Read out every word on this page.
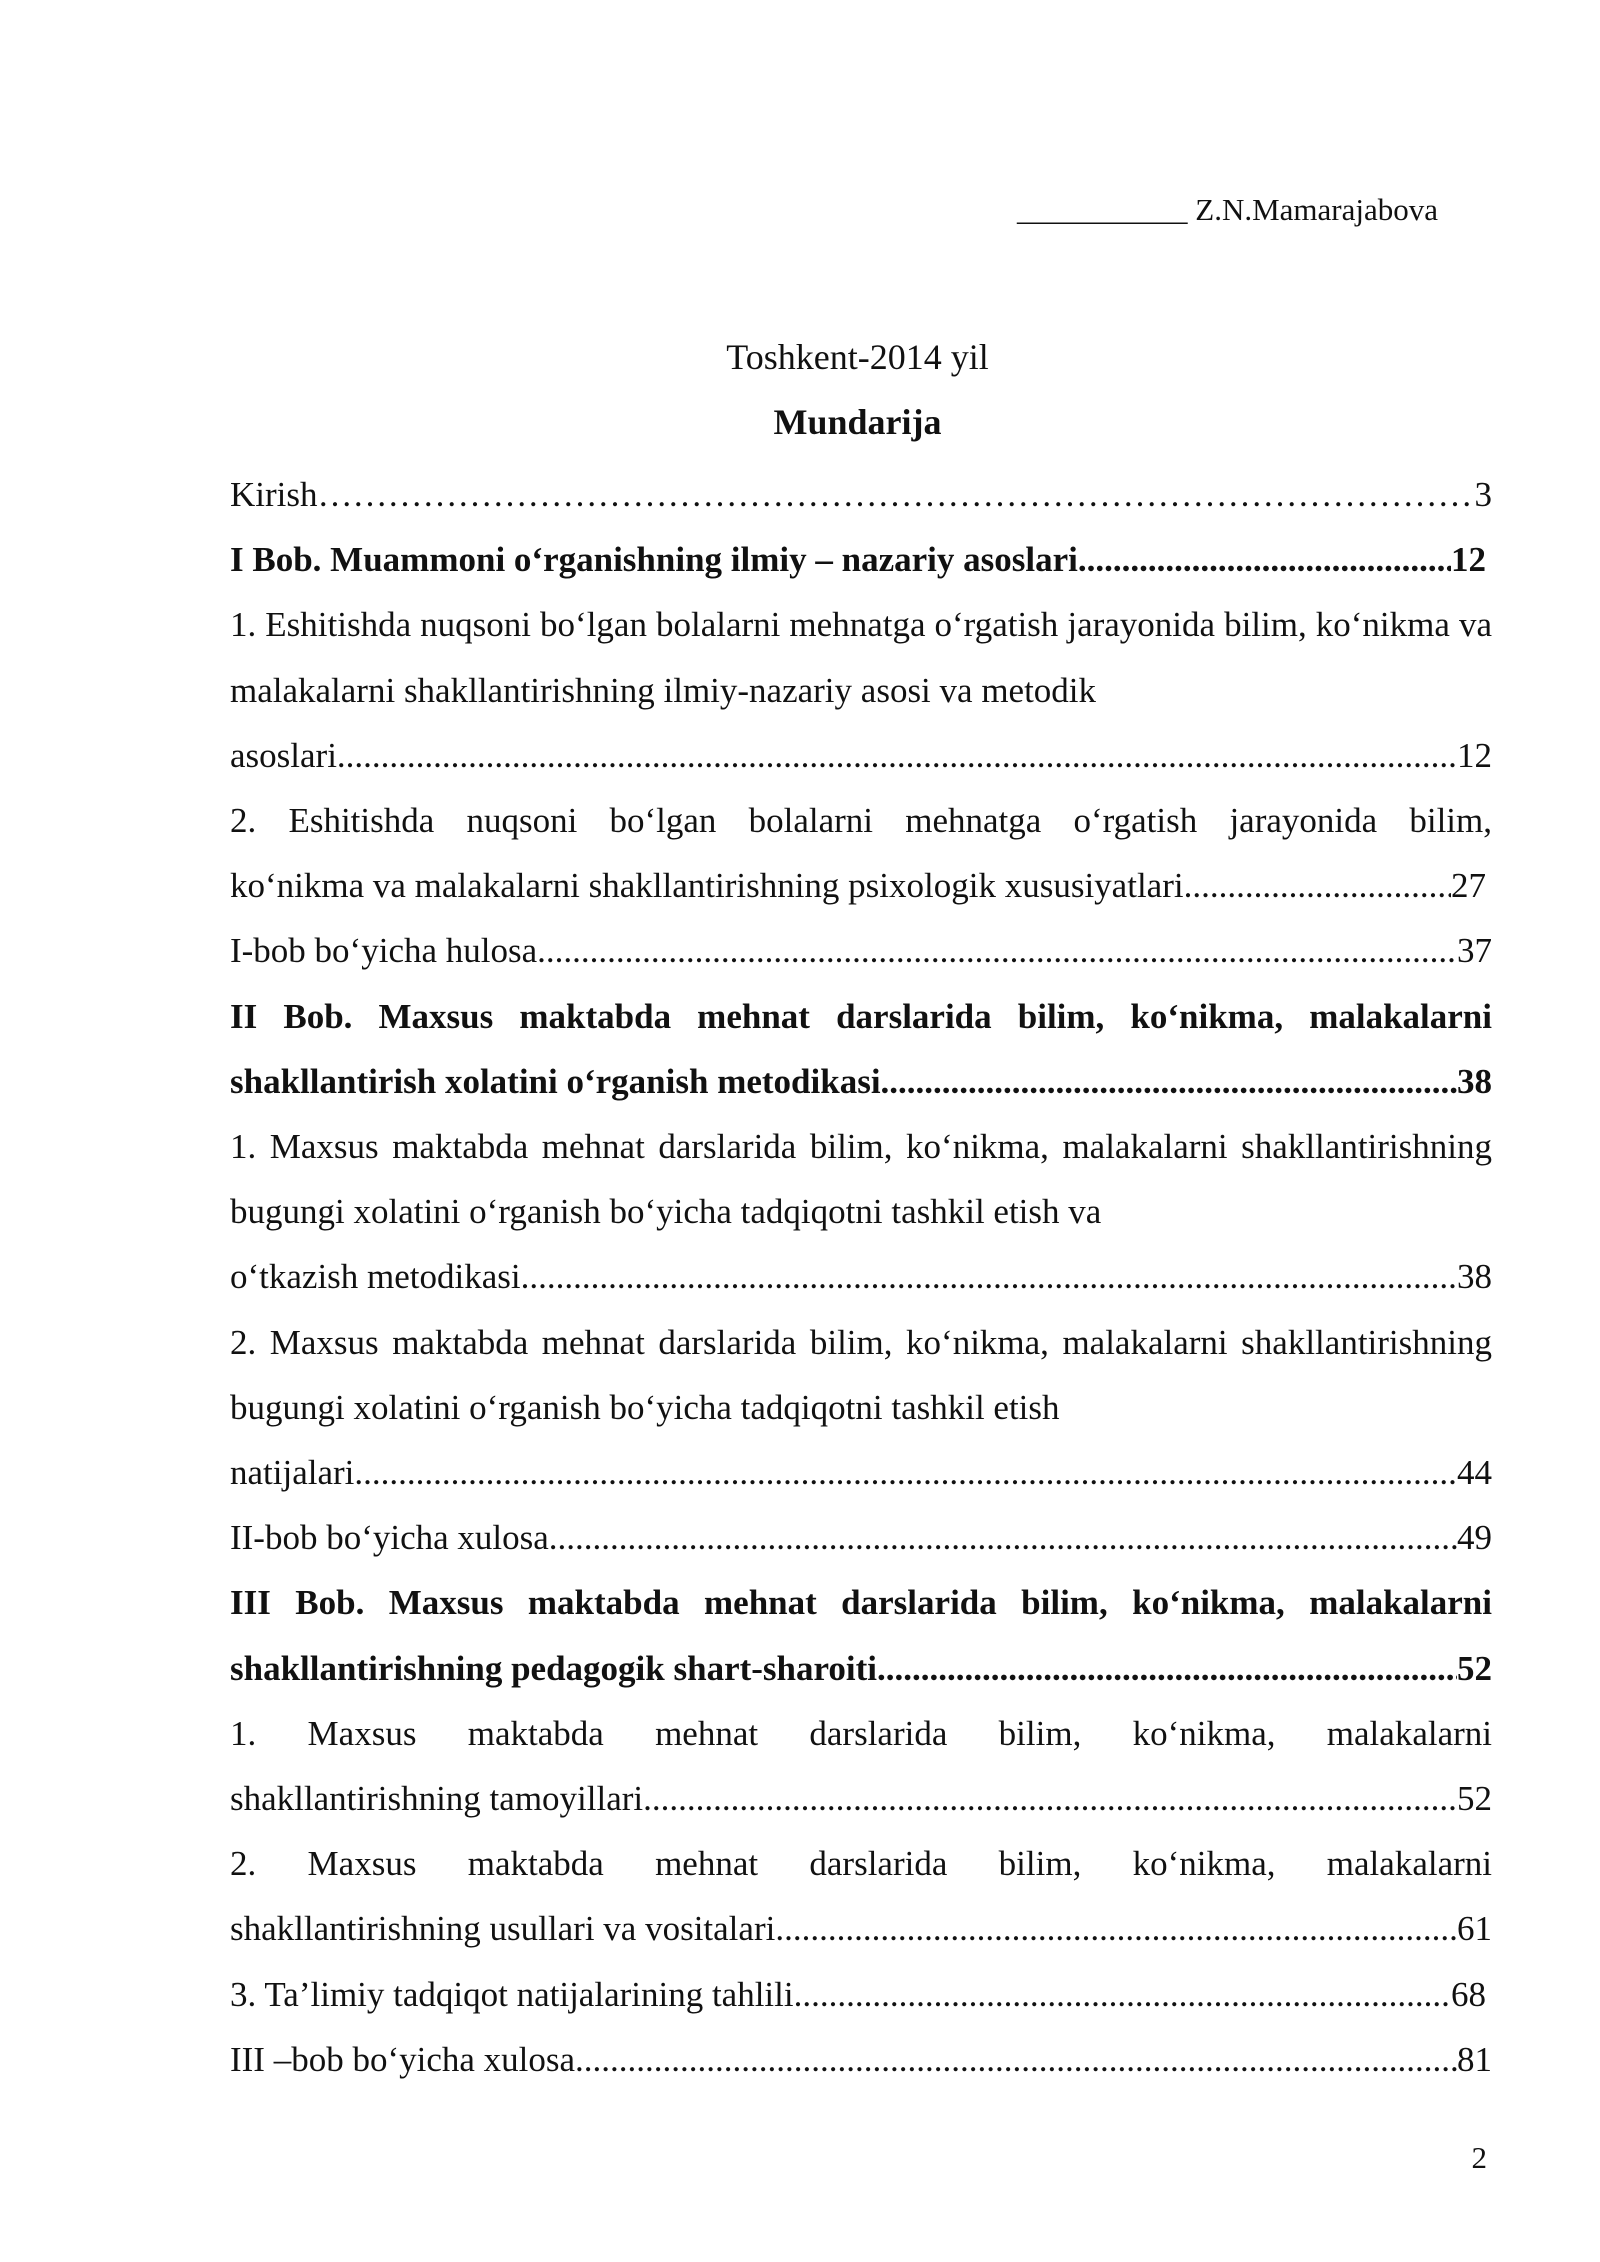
___________ Z.N.Mamarajabova
Toshkent-2014 yil
Mundarija
Kirish ………………………………………………………………………………………………………………………………………………………………	3
I Bob. Muammoni o‘rganishning ilmiy – nazariy asoslari .....	12
1. Eshitishda nuqsoni bo‘lgan bolalarni mehnatga o‘rgatish jarayonida bilim, ko‘nikma va malakalarni shakllantirishning ilmiy-nazariy asosi va metodik
asoslari .....	12
2. Eshitishda nuqsoni bo‘lgan bolalarni mehnatga o‘rgatish jarayonida bilim,
ko‘nikma va malakalarni shakllantirishning psixologik xususiyatlari .....	27
I-bob bo‘yicha hulosa .....	37
II Bob. Maxsus maktabda mehnat darslarida bilim, ko‘nikma, malakalarni
shakllantirish xolatini o‘rganish metodikasi .....	38
1. Maxsus maktabda mehnat darslarida bilim, ko‘nikma, malakalarni shakllantirishning bugungi xolatini o‘rganish bo‘yicha tadqiqotni tashkil etish va
o‘tkazish metodikasi .....	38
2. Maxsus maktabda mehnat darslarida bilim, ko‘nikma, malakalarni shakllantirishning bugungi xolatini o‘rganish bo‘yicha tadqiqotni tashkil etish
natijalari .....	44
II-bob bo‘yicha xulosa .....	49
III Bob. Maxsus maktabda mehnat darslarida bilim, ko‘nikma, malakalarni
shakllantirishning pedagogik shart-sharoiti .....	52
1. Maxsus maktabda mehnat darslarida bilim, ko‘nikma, malakalarni
shakllantirishning tamoyillari .....	52
2. Maxsus maktabda mehnat darslarida bilim, ko‘nikma, malakalarni
shakllantirishning usullari va vositalari .....	61
3. Ta’limiy tadqiqot natijalarining tahlili .....	68
III –bob bo‘yicha xulosa .....	81
2
